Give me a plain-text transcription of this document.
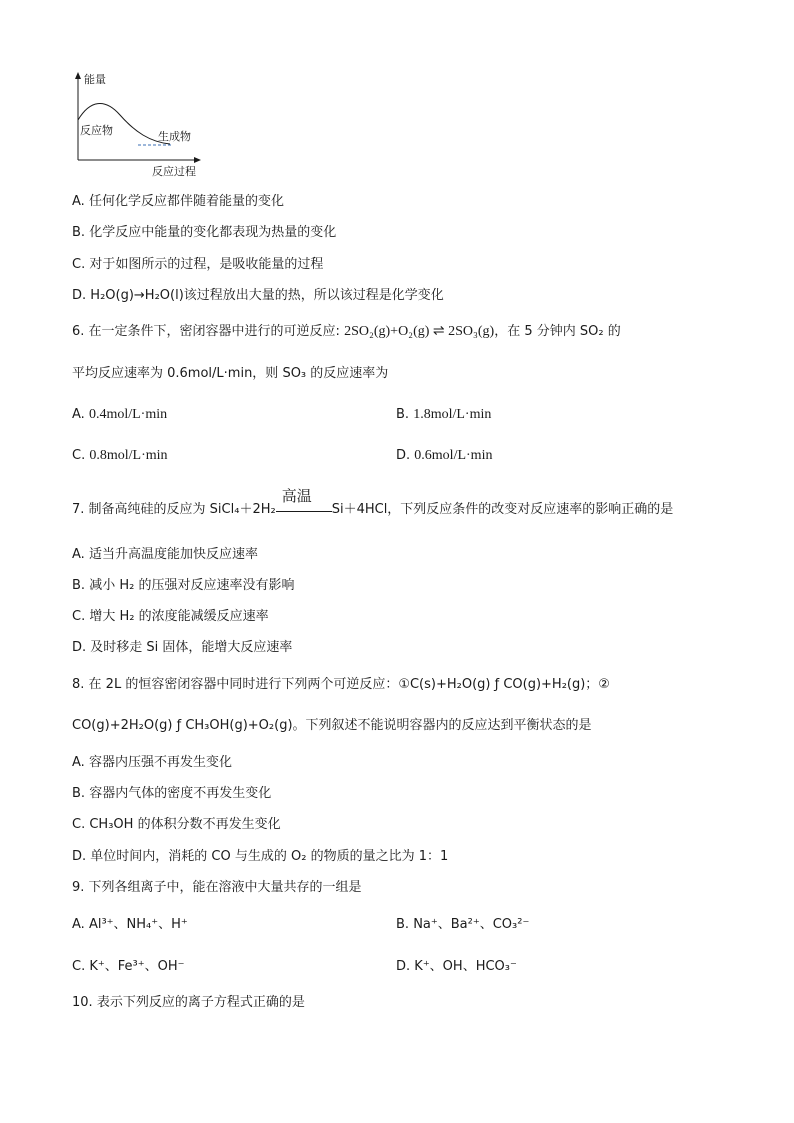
能量
反应物	生成物
反应过程
A. 任何化学反应都伴随着能量的变化
B. 化学反应中能量的变化都表现为热量的变化
C. 对于如图所示的过程，是吸收能量的过程
D. H₂O(g)→H₂O(l)该过程放出大量的热，所以该过程是化学变化
6. 在一定条件下，密闭容器中进行的可逆反应: 2SO₂(g)+O₂(g) ⇌ 2SO₃(g)，在 5 分钟内 SO₂ 的
平均反应速率为 0.6mol/L·min，则 SO₃ 的反应速率为
A. 0.4mol/L·min	B. 1.8mol/L·min
C. 0.8mol/L·min	D. 0.6mol/L·min
7. 制备高纯硅的反应为 SiCl₄＋2H₂
高温
Si＋4HCl，下列反应条件的改变对反应速率的影响正确的是
A. 适当升高温度能加快反应速率
B. 减小 H₂ 的压强对反应速率没有影响
C. 增大 H₂ 的浓度能减缓反应速率
D. 及时移走 Si 固体，能增大反应速率
8. 在 2L 的恒容密闭容器中同时进行下列两个可逆反应：①C(s)+H₂O(g) ƒ CO(g)+H₂(g)；②
CO(g)+2H₂O(g) ƒ CH₃OH(g)+O₂(g)。下列叙述不能说明容器内的反应达到平衡状态的是
A. 容器内压强不再发生变化
B. 容器内气体的密度不再发生变化
C. CH₃OH 的体积分数不再发生变化
D. 单位时间内，消耗的 CO 与生成的 O₂ 的物质的量之比为 1：1
9. 下列各组离子中，能在溶液中大量共存的一组是
A. Al³⁺、NH₄⁺、H⁺	B. Na⁺、Ba²⁺、CO₃²⁻
C. K⁺、Fe³⁺、OH⁻	D. K⁺、OH、HCO₃⁻
10. 表示下列反应的离子方程式正确的是
